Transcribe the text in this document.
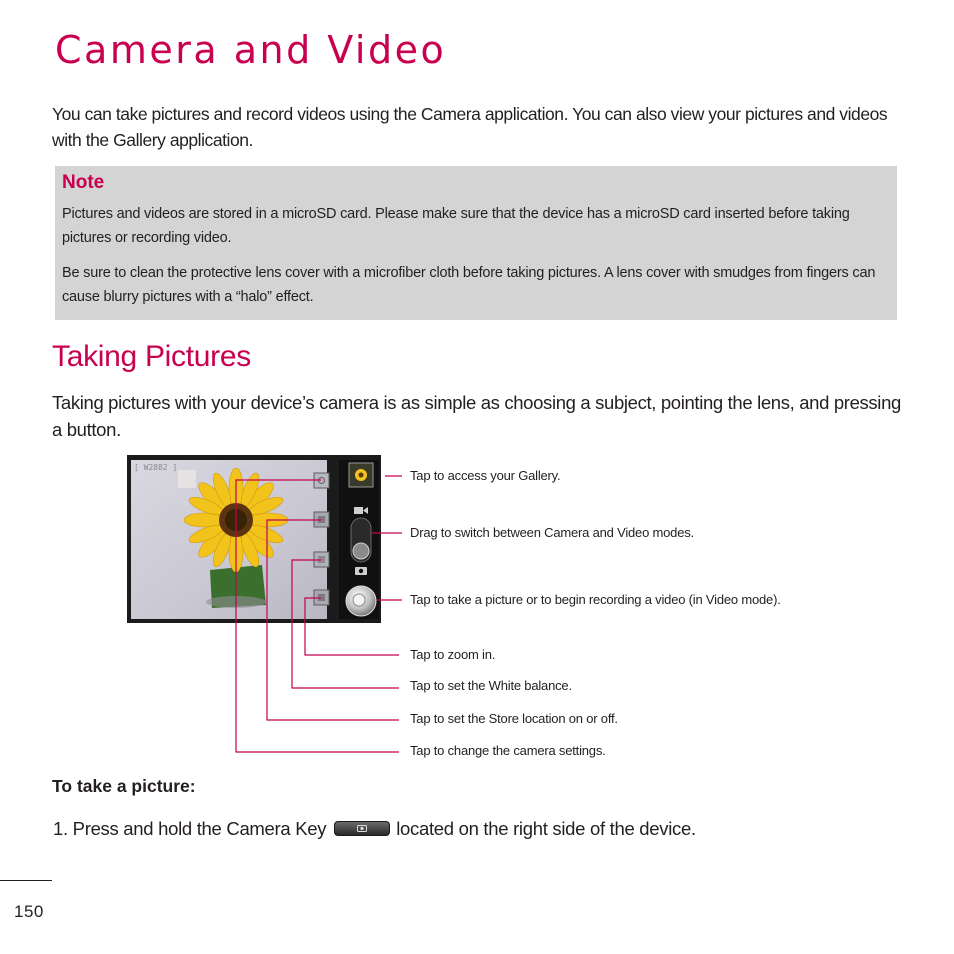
Camera and Video

You can take pictures and record videos using the Camera application. You can also view your pictures and videos with the Gallery application.

Note

Pictures and videos are stored in a microSD card. Please make sure that the device has a microSD card inserted before taking pictures or recording video.

Be sure to clean the protective lens cover with a microfiber cloth before taking pictures. A lens cover with smudges from fingers can cause blurry pictures with a “halo” effect.

Taking Pictures

Taking pictures with your device’s camera is as simple as choosing a subject, pointing the lens, and pressing a button.

[ W2882 ]
Tap to access your Gallery.
Drag to switch between Camera and Video modes.
Tap to take a picture or to begin recording a video (in Video mode).
Tap to zoom in.
Tap to set the White balance.
Tap to set the Store location on or off.
Tap to change the camera settings.
To take a picture:
1. Press and hold the Camera Key	located on the right side of the device.
150
